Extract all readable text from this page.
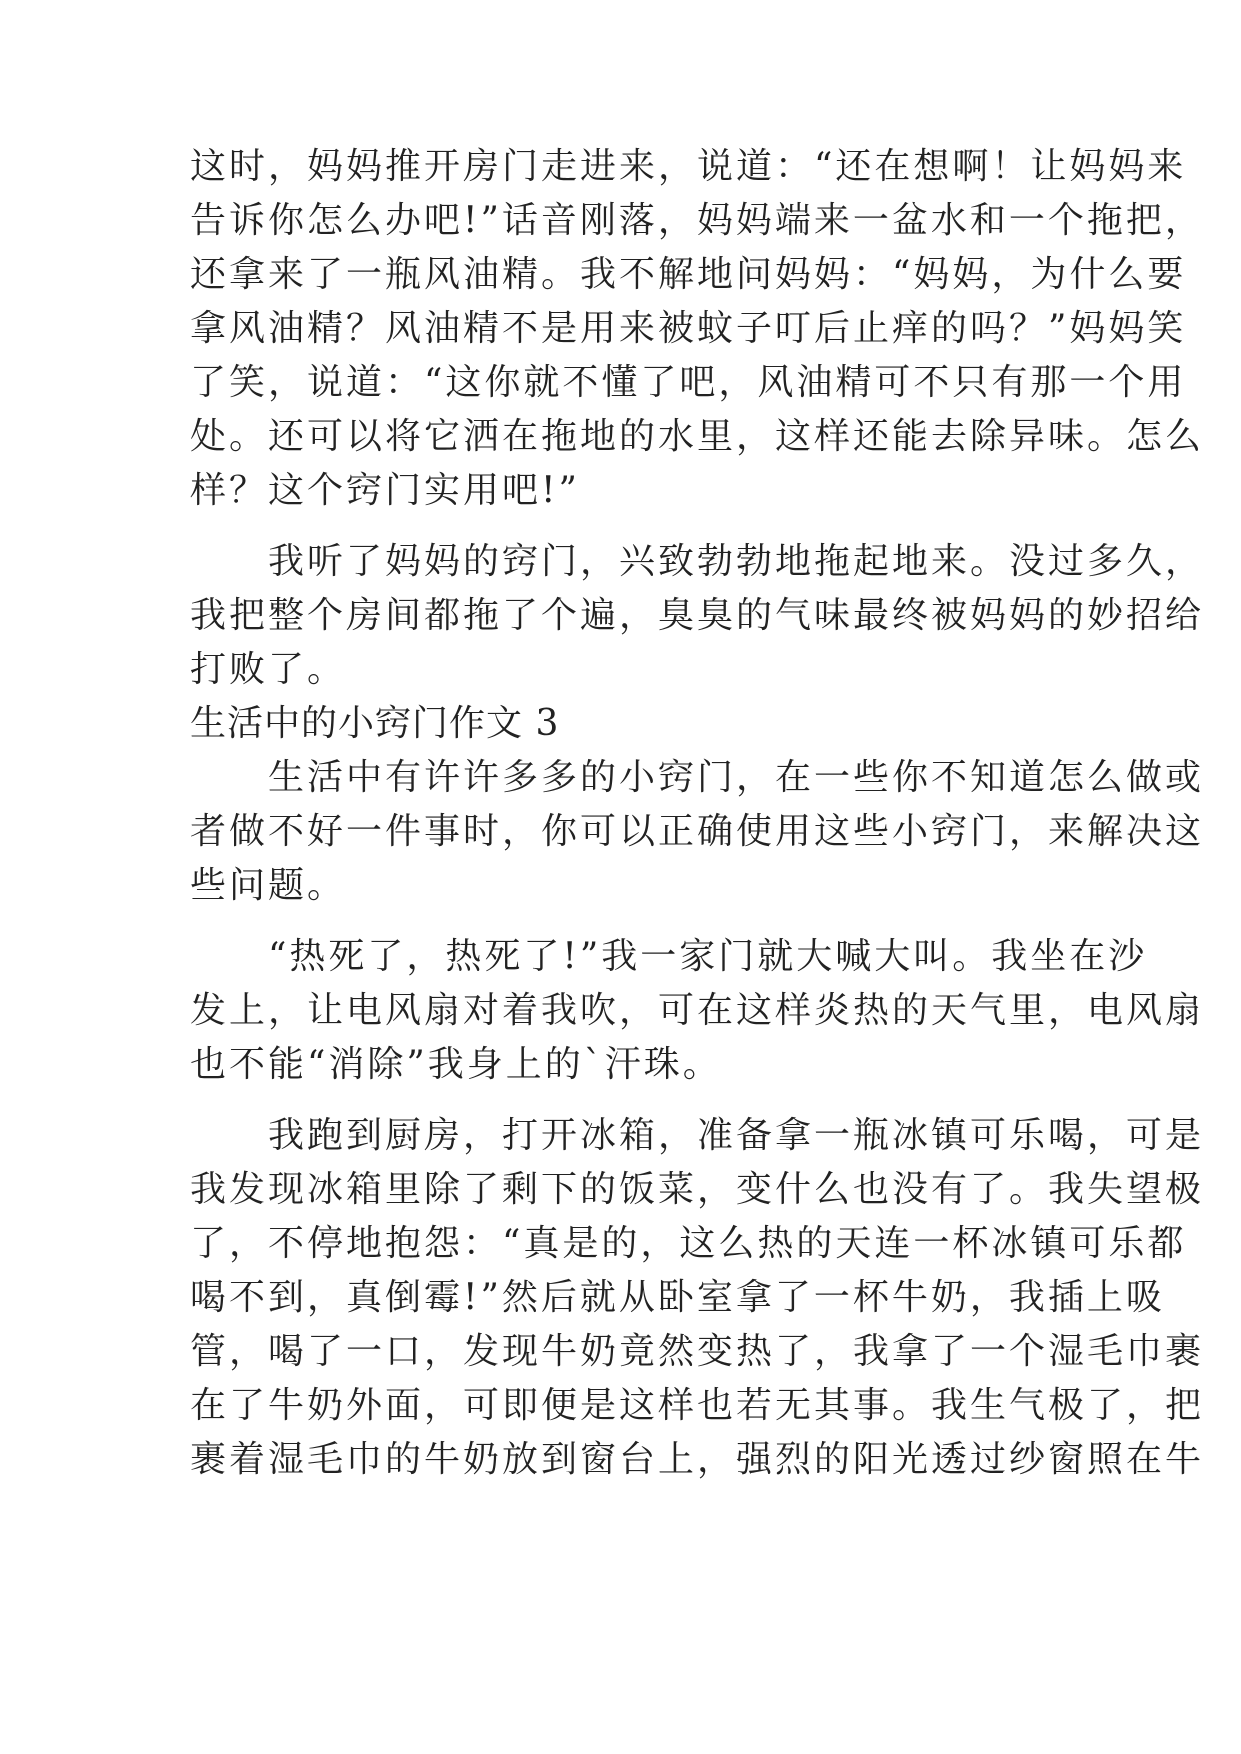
这时，妈妈推开房门走进来，说道：“还在想啊！让妈妈来
告诉你怎么办吧!”话音刚落，妈妈端来一盆水和一个拖把，
还拿来了一瓶风油精。我不解地问妈妈：“妈妈，为什么要
拿风油精？风油精不是用来被蚊子叮后止痒的吗？”妈妈笑
了笑，说道：“这你就不懂了吧，风油精可不只有那一个用
处。还可以将它洒在拖地的水里，这样还能去除异味。怎么
样？这个窍门实用吧!”
　　我听了妈妈的窍门，兴致勃勃地拖起地来。没过多久，
我把整个房间都拖了个遍，臭臭的气味最终被妈妈的妙招给
打败了。
生活中的小窍门作文 3
　　生活中有许许多多的小窍门，在一些你不知道怎么做或
者做不好一件事时，你可以正确使用这些小窍门，来解决这
些问题。
　　“热死了，热死了!”我一家门就大喊大叫。我坐在沙
发上，让电风扇对着我吹，可在这样炎热的天气里，电风扇
也不能“消除”我身上的`汗珠。
　　我跑到厨房，打开冰箱，准备拿一瓶冰镇可乐喝，可是
我发现冰箱里除了剩下的饭菜，变什么也没有了。我失望极
了，不停地抱怨：“真是的，这么热的天连一杯冰镇可乐都
喝不到，真倒霉!”然后就从卧室拿了一杯牛奶，我插上吸
管，喝了一口，发现牛奶竟然变热了，我拿了一个湿毛巾裹
在了牛奶外面，可即便是这样也若无其事。我生气极了，把
裹着湿毛巾的牛奶放到窗台上，强烈的阳光透过纱窗照在牛
